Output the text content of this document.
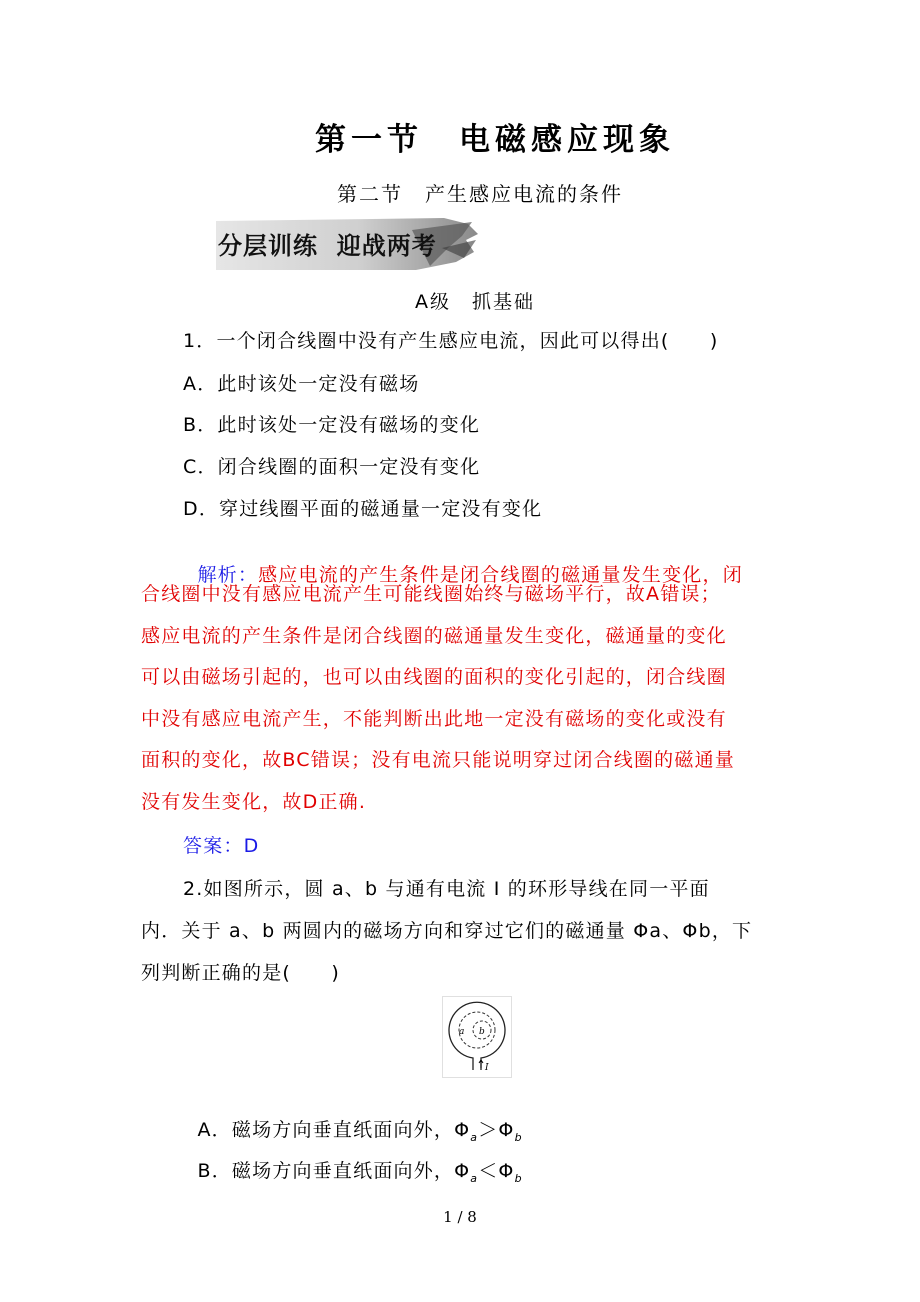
第一节　电磁感应现象
第二节　产生感应电流的条件
分层训练  迎战两考
A级　抓基础
1．一个闭合线圈中没有产生感应电流，因此可以得出(　　)
A．此时该处一定没有磁场
B．此时该处一定没有磁场的变化
C．闭合线圈的面积一定没有变化
D．穿过线圈平面的磁通量一定没有变化

解析：感应电流的产生条件是闭合线圈的磁通量发生变化，闭

合线圈中没有感应电流产生可能线圈始终与磁场平行，故A错误；
感应电流的产生条件是闭合线圈的磁通量发生变化，磁通量的变化
可以由磁场引起的，也可以由线圈的面积的变化引起的，闭合线圈
中没有感应电流产生，不能判断出此地一定没有磁场的变化或没有
面积的变化，故BC错误；没有电流只能说明穿过闭合线圈的磁通量
没有发生变化，故D正确.
答案：D
2.如图所示，圆 a、b 与通有电流 I 的环形导线在同一平面
内．关于 a、b 两圆内的磁场方向和穿过它们的磁通量 Φa、Φb，下
列判断正确的是(　　)
a b
I

A．磁场方向垂直纸面向外，$\Phi_a>\Phi_b$

B．磁场方向垂直纸面向外，$\Phi_a<\Phi_b$

1 / 8
